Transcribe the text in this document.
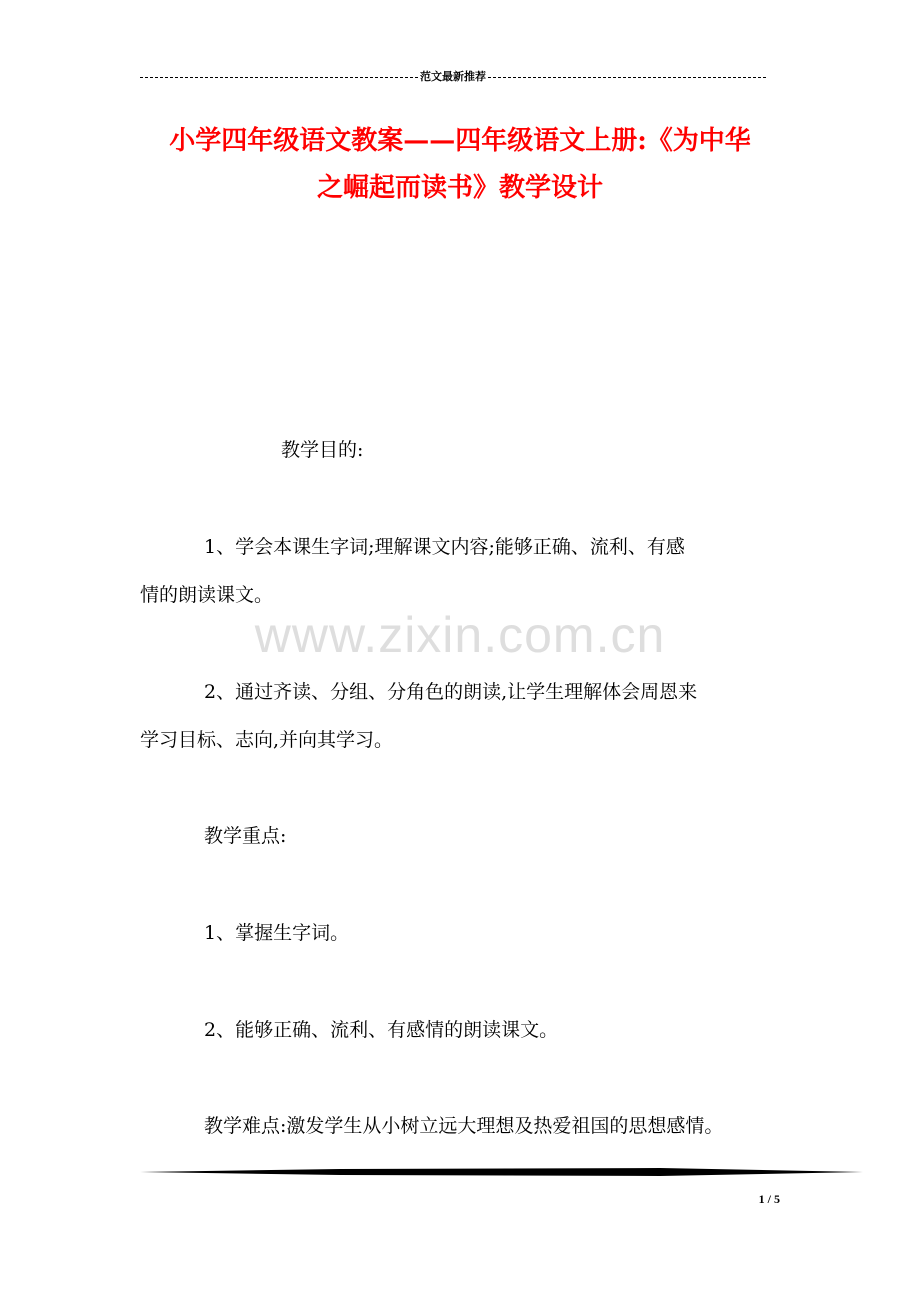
范文最新推荐
小学四年级语文教案——四年级语文上册:《为中华
之崛起而读书》教学设计
教学目的:
1、学会本课生字词;理解课文内容;能够正确、流利、有感
情的朗读课文。
www.zixin.com.cn
2、通过齐读、分组、分角色的朗读,让学生理解体会周恩来
学习目标、志向,并向其学习。
教学重点:
1、掌握生字词。
2、能够正确、流利、有感情的朗读课文。
教学难点:激发学生从小树立远大理想及热爱祖国的思想感情。
1 / 5
